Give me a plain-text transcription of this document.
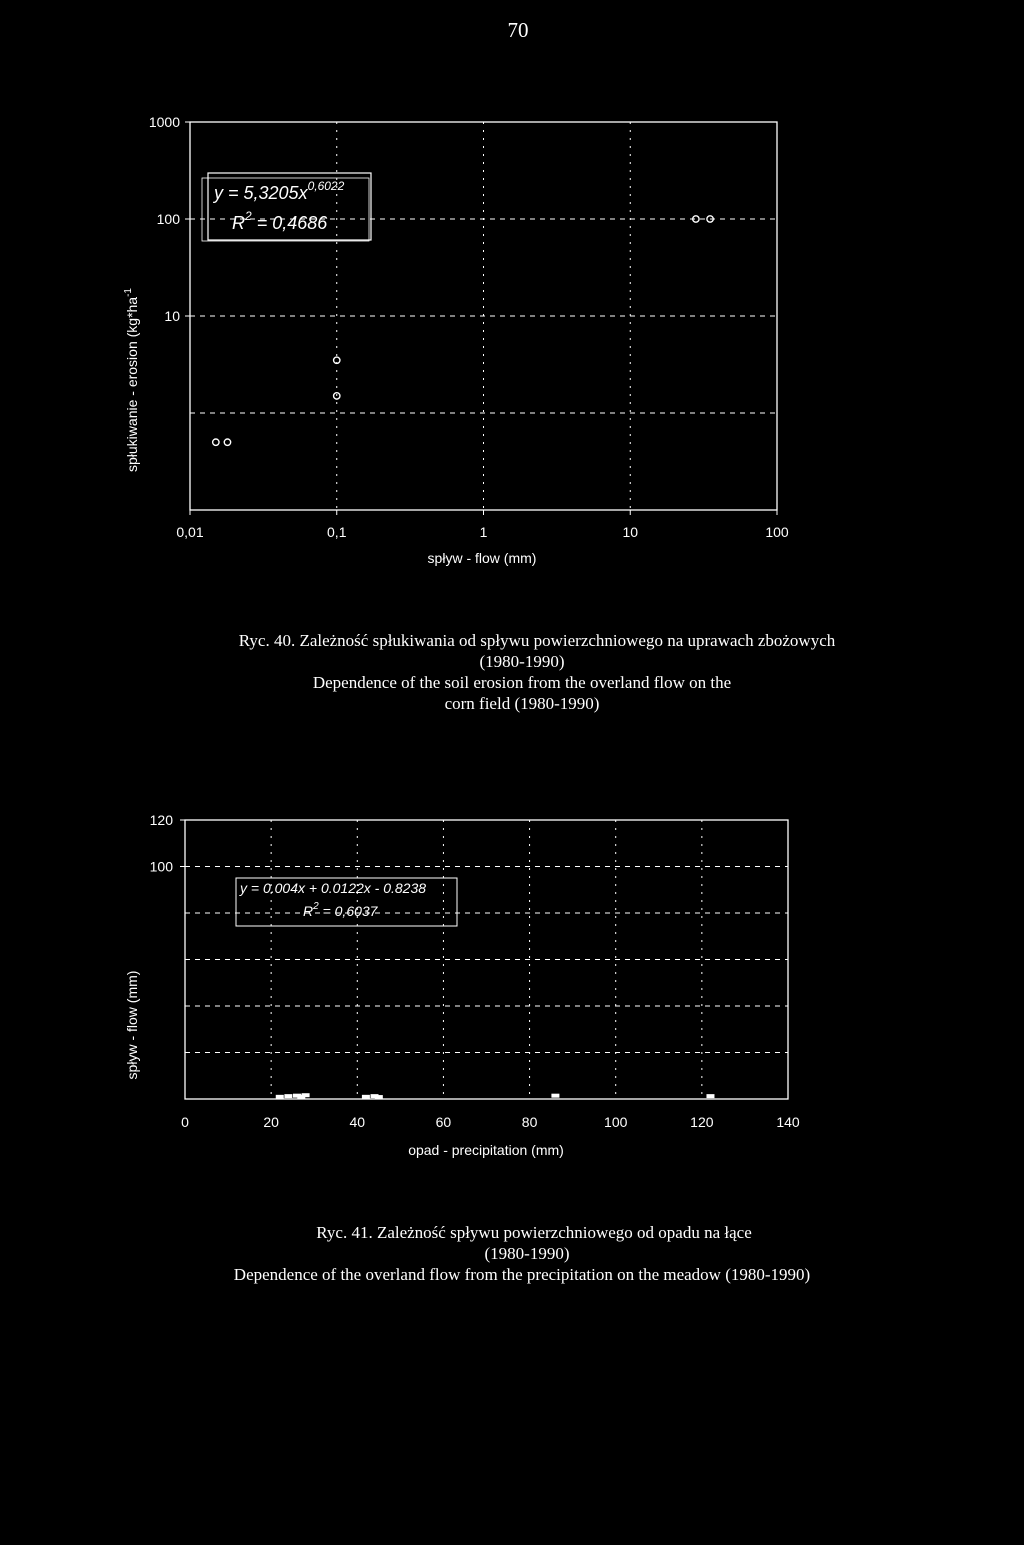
70
1000
100
10
0,01	0,1	1	10	100
spływ - flow (mm)
spłukiwanie - erosion ($kg*ha^{-1}$
$y = 5,3205x^{0,6022}$
$R^2 = 0,4686$
Ryc. 40. Zależność spłukiwania od spływu powierzchniowego na uprawach zbożowych
(1980-1990)
Dependence of the soil erosion from the overland flow on the
corn field (1980-1990)
120
100
0	20	40	60	80	100	120	140
opad - precipitation (mm)
spływ - flow (mm)
y = 0.004x + 0.0122x - 0.8238
$R^2 = 0,6037$
Ryc. 41. Zależność spływu powierzchniowego od opadu na łące
(1980-1990)
Dependence of the overland flow from the precipitation on the meadow (1980-1990)
